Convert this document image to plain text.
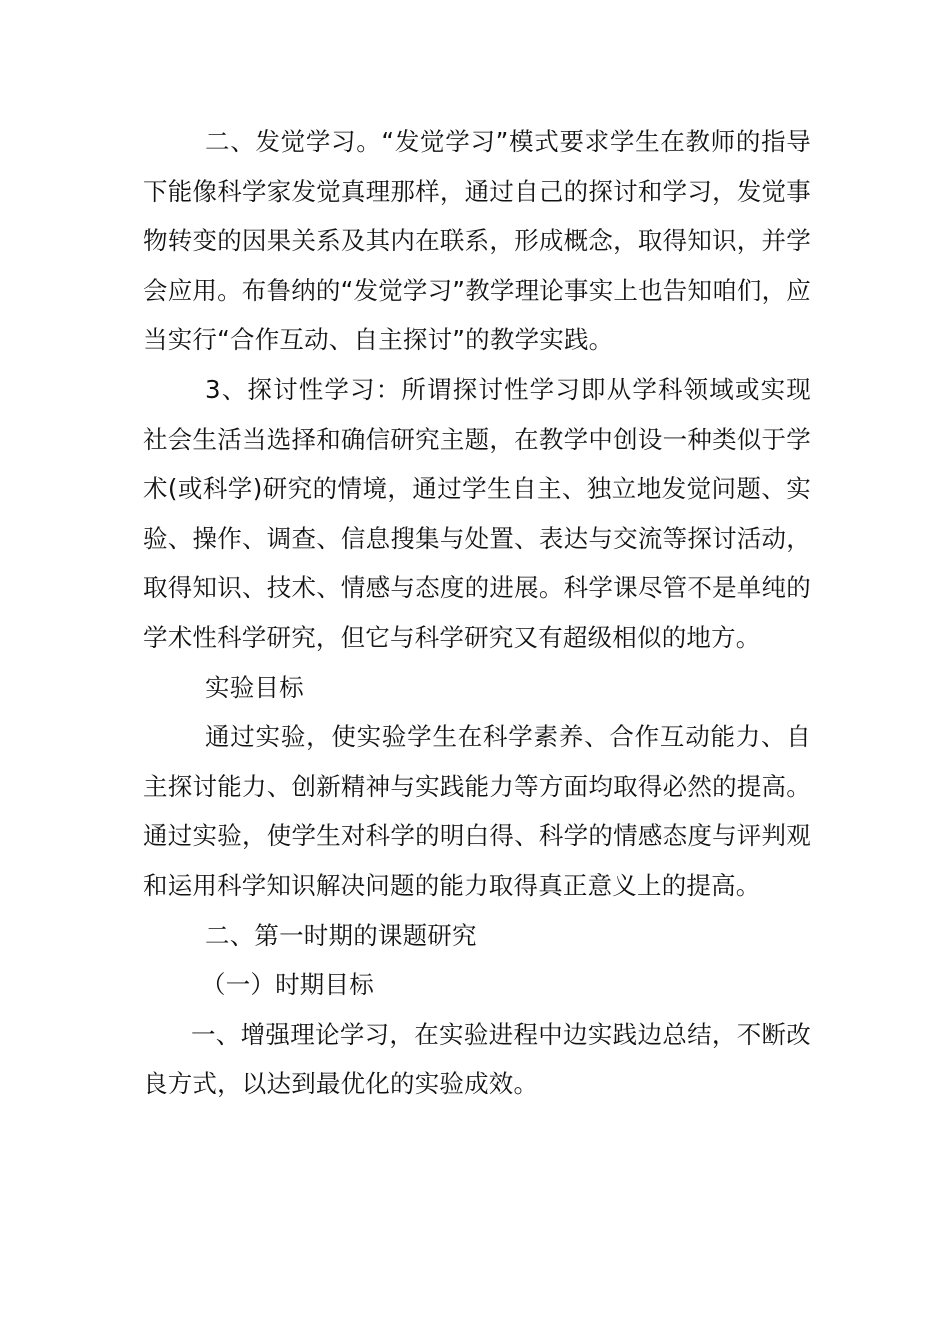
二、发觉学习。“发觉学习”模式要求学生在教师的指导下能像科学家发觉真理那样，通过自己的探讨和学习，发觉事物转变的因果关系及其内在联系，形成概念，取得知识，并学会应用。布鲁纳的“发觉学习”教学理论事实上也告知咱们，应当实行“合作互动、自主探讨”的教学实践。

3、探讨性学习：所谓探讨性学习即从学科领域或实现社会生活当选择和确信研究主题，在教学中创设一种类似于学术(或科学)研究的情境，通过学生自主、独立地发觉问题、实验、操作、调查、信息搜集与处置、表达与交流等探讨活动，取得知识、技术、情感与态度的进展。科学课尽管不是单纯的学术性科学研究，但它与科学研究又有超级相似的地方。

实验目标

通过实验，使实验学生在科学素养、合作互动能力、自主探讨能力、创新精神与实践能力等方面均取得必然的提高。通过实验，使学生对科学的明白得、科学的情感态度与评判观和运用科学知识解决问题的能力取得真正意义上的提高。

二、第一时期的课题研究

（一）时期目标

一、增强理论学习，在实验进程中边实践边总结，不断改良方式，以达到最优化的实验成效。
